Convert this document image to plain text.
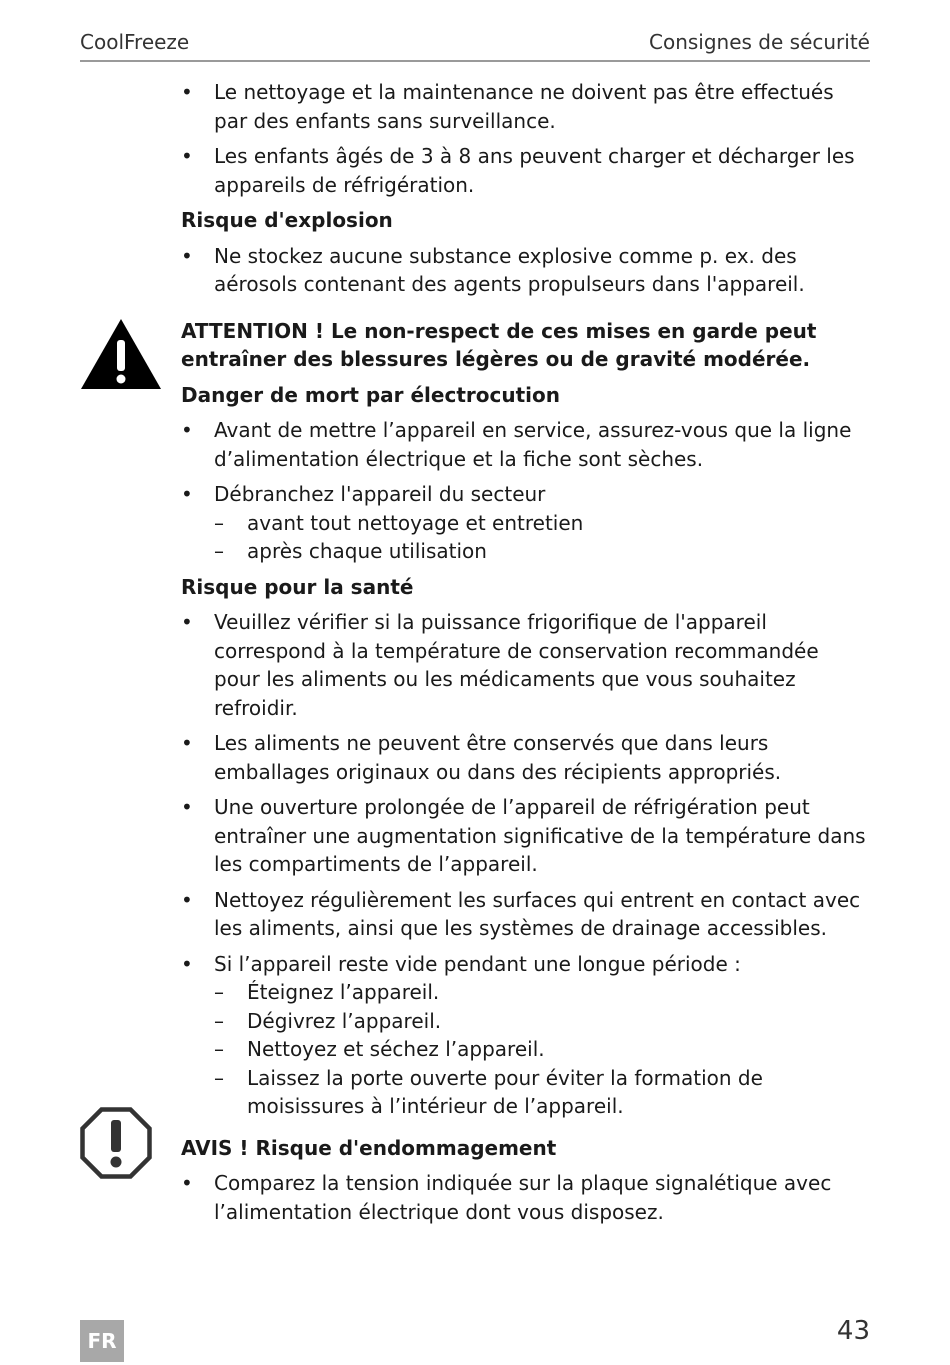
CoolFreeze	Consignes de sécurité
• Le nettoyage et la maintenance ne doivent pas être effectués par des enfants sans surveillance.
• Les enfants âgés de 3 à 8 ans peuvent charger et décharger les appareils de réfrigération.
Risque d'explosion
• Ne stockez aucune substance explosive comme p. ex. des aérosols contenant des agents propulseurs dans l'appareil.
ATTENTION ! Le non-respect de ces mises en garde peut entraîner des blessures légères ou de gravité modérée.
Danger de mort par électrocution
• Avant de mettre l’appareil en service, assurez-vous que la ligne d’alimentation électrique et la fiche sont sèches.
• Débranchez l'appareil du secteur
– avant tout nettoyage et entretien
– après chaque utilisation
Risque pour la santé
• Veuillez vérifier si la puissance frigorifique de l'appareil correspond à la température de conservation recommandée pour les aliments ou les médicaments que vous souhaitez refroidir.
• Les aliments ne peuvent être conservés que dans leurs emballages originaux ou dans des récipients appropriés.
• Une ouverture prolongée de l’appareil de réfrigération peut entraîner une augmentation significative de la température dans les compartiments de l’appareil.
• Nettoyez régulièrement les surfaces qui entrent en contact avec les aliments, ainsi que les systèmes de drainage accessibles.
• Si l’appareil reste vide pendant une longue période :
– Éteignez l’appareil.
– Dégivrez l’appareil.
– Nettoyez et séchez l’appareil.
– Laissez la porte ouverte pour éviter la formation de moisissures à l’intérieur de l’appareil.
AVIS ! Risque d'endommagement
• Comparez la tension indiquée sur la plaque signalétique avec l’alimentation électrique dont vous disposez.
FR	43
